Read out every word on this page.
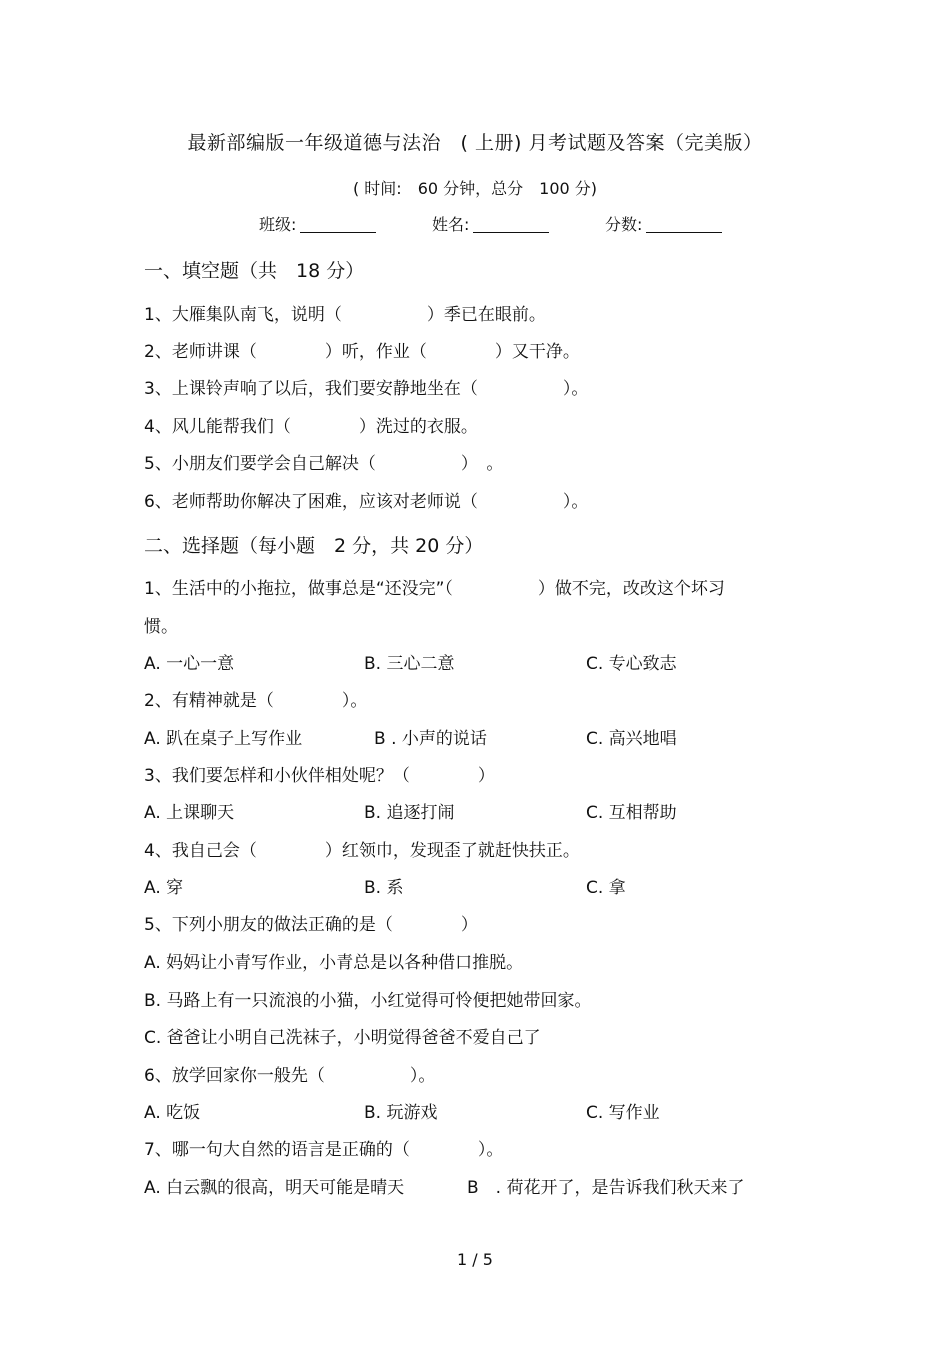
最新部编版一年级道德与法治　( 上册) 月考试题及答案（完美版）
( 时间:　60 分钟，总分　100 分)
班级:	姓名:	分数:
一、填空题（共　18 分）
1、大雁集队南飞，说明（　　　　　）季已在眼前。
2、老师讲课（　　　　）听，作业（　　　　）又干净。
3、上课铃声响了以后，我们要安静地坐在（　　　　　）。
4、风儿能帮我们（　　　　）洗过的衣服。
5、小朋友们要学会自己解决（　　　　　）　。
6、老师帮助你解决了困难，应该对老师说（　　　　　）。
二、选择题（每小题　2 分，共 20 分）
1、生活中的小拖拉，做事总是“还没完”（　　　　　）做不完，改改这个坏习
惯。
A. 一心一意	B. 三心二意	C. 专心致志
2、有精神就是（　　　　）。
A. 趴在桌子上写作业	B . 小声的说话	C. 高兴地唱
3、我们要怎样和小伙伴相处呢？（　　　　）
A. 上课聊天	B. 追逐打闹	C. 互相帮助
4、我自己会（　　　　）红领巾，发现歪了就赶快扶正。
A. 穿	B. 系	C. 拿
5、下列小朋友的做法正确的是（　　　　）
A. 妈妈让小青写作业，小青总是以各种借口推脱。
B. 马路上有一只流浪的小猫，小红觉得可怜便把她带回家。
C. 爸爸让小明自己洗袜子，小明觉得爸爸不爱自己了
6、放学回家你一般先（　　　　　）。
A. 吃饭	B. 玩游戏	C. 写作业
7、哪一句大自然的语言是正确的（　　　　）。
A. 白云飘的很高，明天可能是晴天	B　. 荷花开了，是告诉我们秋天来了
1 / 5
